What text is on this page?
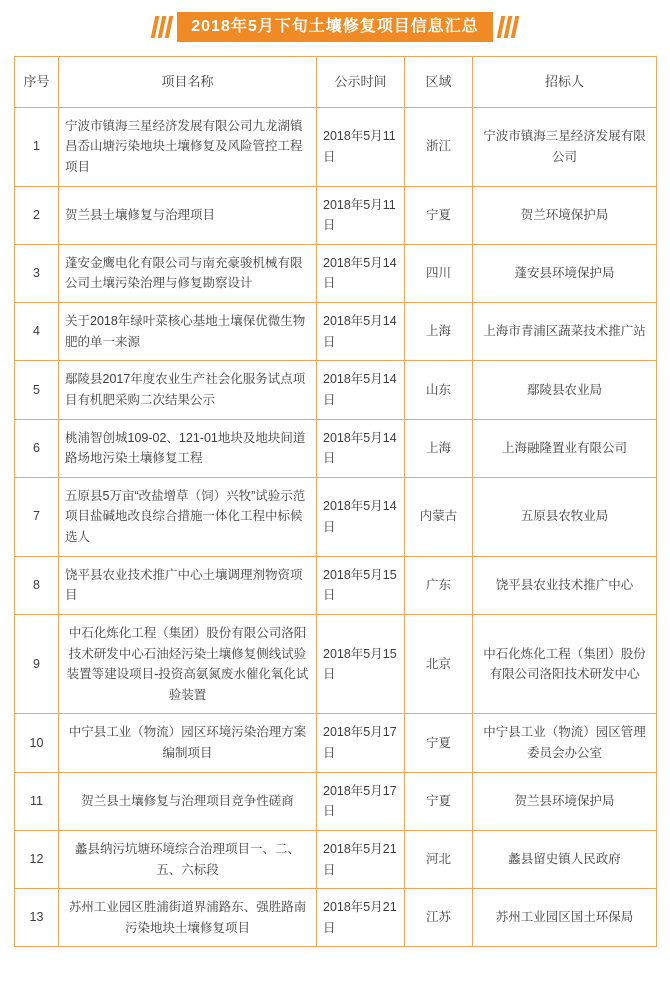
2018年5月下旬土壤修复项目信息汇总
序号	项目名称	公示时间	区域	招标人
1	宁波市镇海三星经济发展有限公司九龙湖镇昌岙山塘污染地块土壤修复及风险管控工程项目	2018年5月11日	浙江	宁波市镇海三星经济发展有限公司
2	贺兰县土壤修复与治理项目	2018年5月11日	宁夏	贺兰环境保护局
3	蓬安金鹰电化有限公司与南充豪骏机械有限公司土壤污染治理与修复勘察设计	2018年5月14日	四川	蓬安县环境保护局
4	关于2018年绿叶菜核心基地土壤保优微生物肥的单一来源	2018年5月14日	上海	上海市青浦区蔬菜技术推广站
5	鄢陵县2017年度农业生产社会化服务试点项目有机肥采购二次结果公示	2018年5月14日	山东	鄢陵县农业局
6	桃浦智创城109-02、121-01地块及地块间道路场地污染土壤修复工程	2018年5月14日	上海	上海融隆置业有限公司
7	五原县5万亩“改盐增草（饲）兴牧”试验示范项目盐碱地改良综合措施一体化工程中标候选人	2018年5月14日	内蒙古	五原县农牧业局
8	饶平县农业技术推广中心土壤调理剂物资项目	2018年5月15日	广东	饶平县农业技术推广中心
9	中石化炼化工程（集团）股份有限公司洛阳技术研发中心石油烃污染土壤修复侧线试验装置等建设项目-投资高氨氮废水催化氧化试验装置	2018年5月15日	北京	中石化炼化工程（集团）股份有限公司洛阳技术研发中心
10	中宁县工业（物流）园区环境污染治理方案编制项目	2018年5月17日	宁夏	中宁县工业（物流）园区管理委员会办公室
11	贺兰县土壤修复与治理项目竞争性磋商	2018年5月17日	宁夏	贺兰县环境保护局
12	蠡县纳污坑塘环境综合治理项目一、二、五、六标段	2018年5月21日	河北	蠡县留史镇人民政府
13	苏州工业园区胜浦街道界浦路东、强胜路南污染地块土壤修复项目	2018年5月21日	江苏	苏州工业园区国土环保局
